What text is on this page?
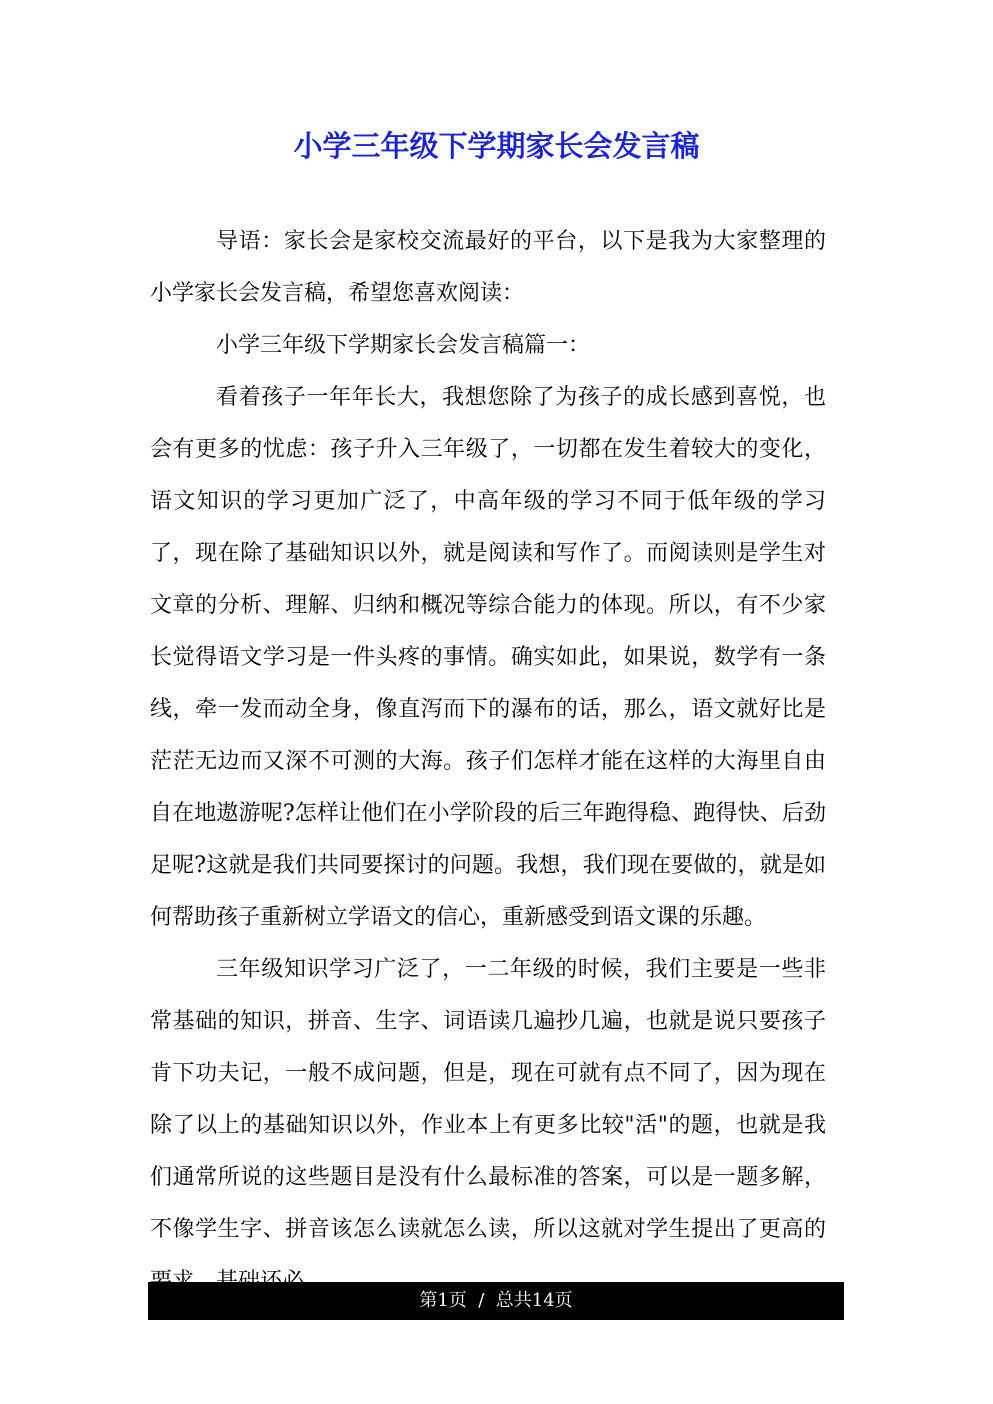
小学三年级下学期家长会发言稿

导语：家长会是家校交流最好的平台，以下是我为大家整理的小学家长会发言稿，希望您喜欢阅读：

小学三年级下学期家长会发言稿篇一：

看着孩子一年年长大，我想您除了为孩子的成长感到喜悦，也会有更多的忧虑：孩子升入三年级了，一切都在发生着较大的变化，语文知识的学习更加广泛了，中高年级的学习不同于低年级的学习了，现在除了基础知识以外，就是阅读和写作了。而阅读则是学生对文章的分析、理解、归纳和概况等综合能力的体现。所以，有不少家长觉得语文学习是一件头疼的事情。确实如此，如果说，数学有一条线，牵一发而动全身，像直泻而下的瀑布的话，那么，语文就好比是茫茫无边而又深不可测的大海。孩子们怎样才能在这样的大海里自由自在地遨游呢?怎样让他们在小学阶段的后三年跑得稳、跑得快、后劲足呢?这就是我们共同要探讨的问题。我想，我们现在要做的，就是如何帮助孩子重新树立学语文的信心，重新感受到语文课的乐趣。

三年级知识学习广泛了，一二年级的时候，我们主要是一些非常基础的知识，拼音、生字、词语读几遍抄几遍，也就是说只要孩子肯下功夫记，一般不成问题，但是，现在可就有点不同了，因为现在除了以上的基础知识以外，作业本上有更多比较"活"的题，也就是我们通常所说的这些题目是没有什么最标准的答案，可以是一题多解，不像学生字、拼音该怎么读就怎么读，所以这就对学生提出了更高的

第1页  /  总共14页
